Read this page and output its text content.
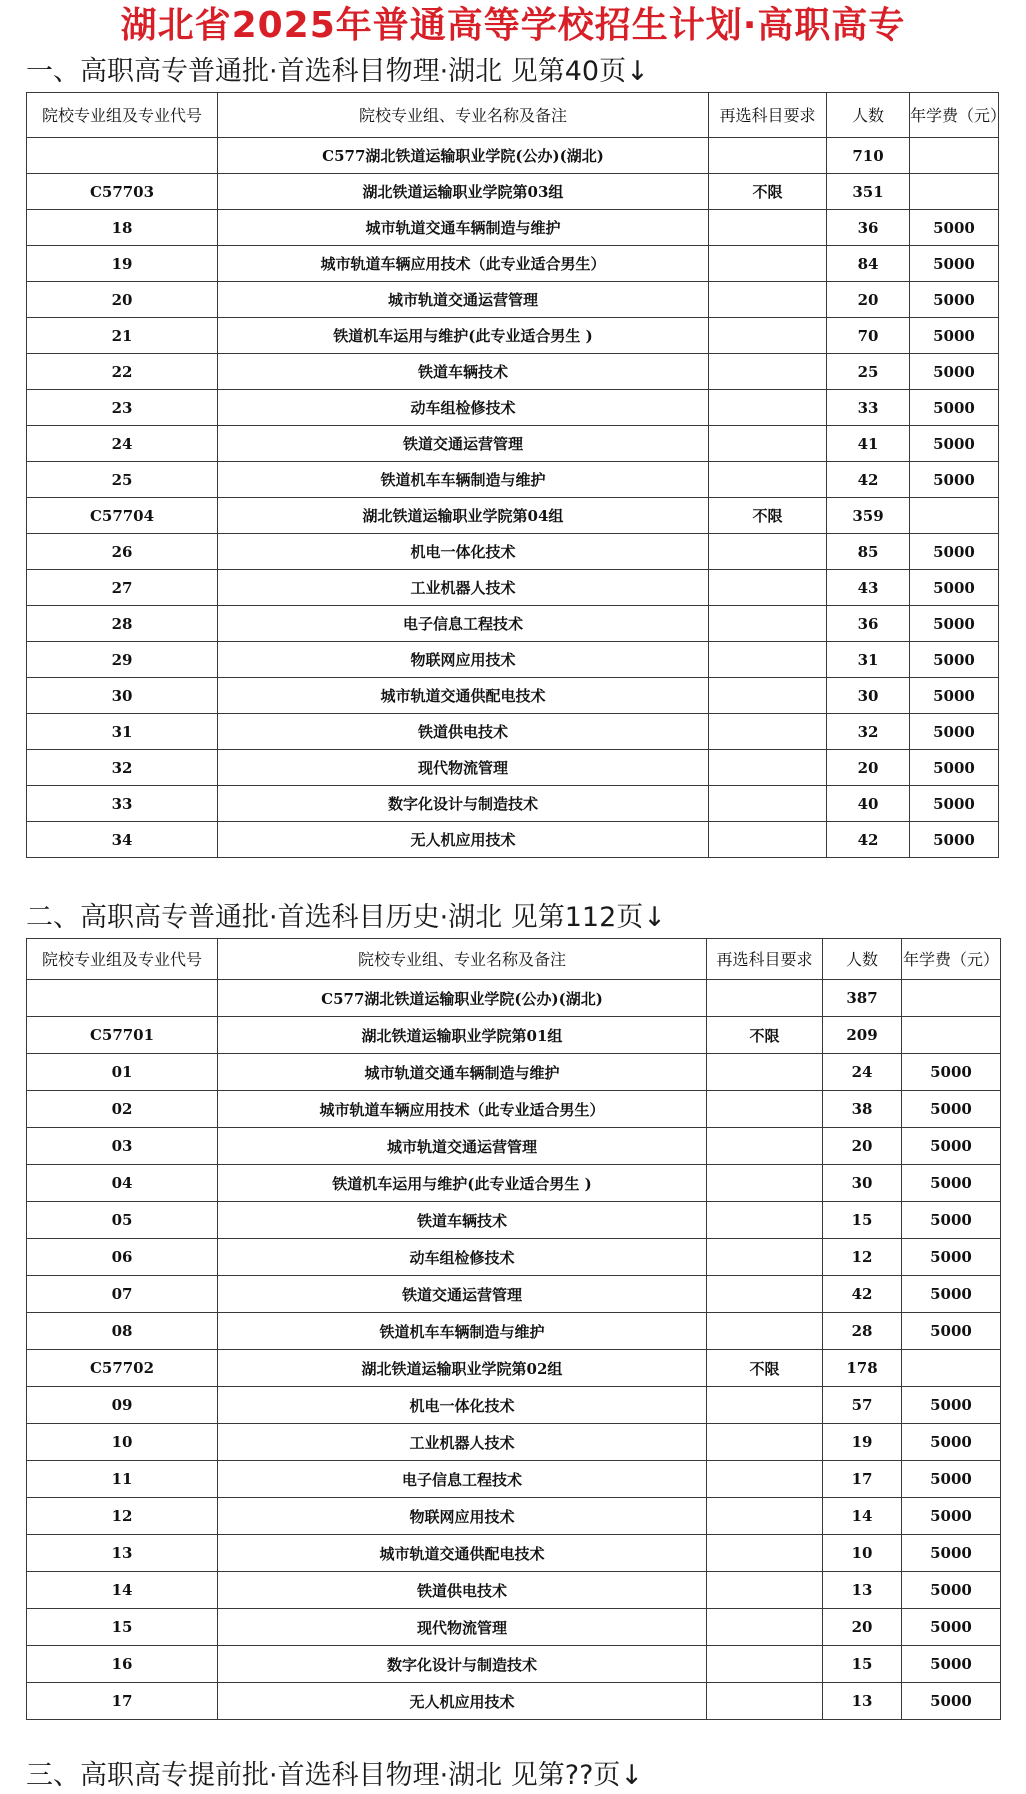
湖北省2025年普通高等学校招生计划·高职高专
一、高职高专普通批·首选科目物理·湖北 见第40页↓
院校专业组及专业代号	院校专业组、专业名称及备注	再选科目要求	人数	年学费（元）
	C577湖北铁道运输职业学院(公办)(湖北)		710	
C57703	湖北铁道运输职业学院第03组	不限	351	
18	城市轨道交通车辆制造与维护		36	5000
19	城市轨道车辆应用技术（此专业适合男生）		84	5000
20	城市轨道交通运营管理		20	5000
21	铁道机车运用与维护(此专业适合男生 )		70	5000
22	铁道车辆技术		25	5000
23	动车组检修技术		33	5000
24	铁道交通运营管理		41	5000
25	铁道机车车辆制造与维护		42	5000
C57704	湖北铁道运输职业学院第04组	不限	359	
26	机电一体化技术		85	5000
27	工业机器人技术		43	5000
28	电子信息工程技术		36	5000
29	物联网应用技术		31	5000
30	城市轨道交通供配电技术		30	5000
31	铁道供电技术		32	5000
32	现代物流管理		20	5000
33	数字化设计与制造技术		40	5000
34	无人机应用技术		42	5000
二、高职高专普通批·首选科目历史·湖北 见第112页↓
院校专业组及专业代号	院校专业组、专业名称及备注	再选科目要求	人数	年学费（元）
	C577湖北铁道运输职业学院(公办)(湖北)		387	
C57701	湖北铁道运输职业学院第01组	不限	209	
01	城市轨道交通车辆制造与维护		24	5000
02	城市轨道车辆应用技术（此专业适合男生）		38	5000
03	城市轨道交通运营管理		20	5000
04	铁道机车运用与维护(此专业适合男生 )		30	5000
05	铁道车辆技术		15	5000
06	动车组检修技术		12	5000
07	铁道交通运营管理		42	5000
08	铁道机车车辆制造与维护		28	5000
C57702	湖北铁道运输职业学院第02组	不限	178	
09	机电一体化技术		57	5000
10	工业机器人技术		19	5000
11	电子信息工程技术		17	5000
12	物联网应用技术		14	5000
13	城市轨道交通供配电技术		10	5000
14	铁道供电技术		13	5000
15	现代物流管理		20	5000
16	数字化设计与制造技术		15	5000
17	无人机应用技术		13	5000
三、高职高专提前批·首选科目物理·湖北 见第??页↓
